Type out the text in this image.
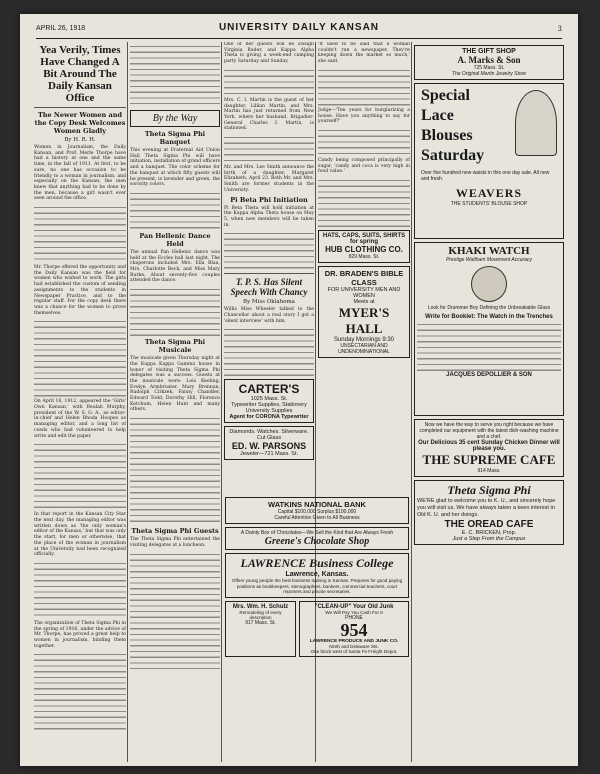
APRIL 26, 1918	UNIVERSITY DAILY KANSAN	3
Yea Verily, Times Have Changed A Bit Around The Daily Kansan Office
The Newer Women and the Copy Desk Welcomes Women Gladly
By H. R. H.

Women in Journalism, the Daily Kansan, and Prof. Merle Thorpe have had a history at one and the same time, in the fall of 1911. At first, to be sure, no one has occasion to be friendly to a woman in journalism, and especially on the Kansan; the men knew that anything had to be done by the men, because a girl wasn't ever seen around the office.

Mr. Thorpe offered the opportunity and the Daily Kansan was the field for women who wished to work. The girls had established the custom of sending assignments to the students in Newspaper Practice, and to the regular staff. For the copy desk there was a chance for the women to prove themselves.

On April 16, 1912, appeared the 'Girls' Own Kansan,' with Beulah Murphy, president of the W. S. G. A., as editor-in-chief and Helen Rhoda Hoopes as managing editor, and a long list of coeds who had volunteered to help write and edit the paper.

In that report in the Kansan City Star the next day, the managing editor was written down as 'the only woman's editor of the Kansas,' but that was only the start, for men or otherwise, that the place of the woman in journalism at the University had been recognized officially.

The organization of Theta Sigma Phi in the spring of 1916, under the advice of Mr. Thorpe, has proved a great help to women in journalism, binding them together.

By the Way
Theta Sigma Phi Banquet

This evening at Fraternal Aid Union Hall Theta Sigma Phi will have initiation, installation of grand officers and a banquet. The color scheme for the banquet at which fifty guests will be present, is lavender and green, the sorority colors.

Pan Hellenic Dance Held

The annual Pan Hellenic dance was held at the Eccles hall last night. The chaperons included Mrs. Ella Blau, Mrs. Charlotte Beck, and Miss Mary Burke. About seventy-five couples attended the dance.

Theta Sigma Phi Musicale

The musicale given Thursday night at the Kappa Kappa Gamma house in honor of visiting Theta Sigma Phi delegates was a success. Guests at the musicale were: Lois Keeling, Evelyn Armbruster, Mary Brennan, Rudolph Cirkzek, Fanny Chandler, Edward Todd, Dorothy Hill, Florence Ketchum, Helen Hunt and many others.

Theta Sigma Phi Guests

The Theta Sigma Phi entertained the visiting delegates at a luncheon.

One of her guests will be Ensign Virginia Rader, and Kappa Alpha Theta is giving a week-end camping party Saturday and Sunday.

Mrs. C. I. Martin is the guest of her daughter, Lillian Martin, and Mrs. Martin has just returned from New York, where her husband, Brigadier-General Charles I. Martin, is stationed.

Mr. and Mrs. Lee Smith announce the birth of a daughter, Margaret Elizabeth, April 23. Both Mr. and Mrs. Smith are former students in the University.

Pi Beta Phi Initiation

Pi Beta Theta will hold initiation at the Kappa Alpha Theta house on May 5, when new members will be taken in.

T. P. S. Has Silent Speech With Chancy
By Miss Oklahoma

Willis Miss Wheeler talked to the Chancellor about a real story I got a 'silent interview' with him.

CARTER'S
1025 Mass. St.
Typewriter Supplies, Stationery
University Supplies
Agent for CORONA Typewriter
Diamonds. Watches. Silverware.
Cut Glass
ED. W. PARSONS
Jeweler—721 Mass. St.

'It used to be said that a woman couldn't run a newspaper. They're keeping down the market so much,' she said.

Judge—'Ten years for burglarizing a house. Have you anything to say for yourself?'

Candy being composed principally of sugar, 'candy and coca is very high in food value.'

HATS, CAPS, SUITS, SHIRTS for spring
HUB CLOTHING CO.
829 Mass. St.
DR. BRADEN'S BIBLE CLASS
FOR UNIVERSITY MEN AND WOMEN
Meets at
MYER'S HALL
Sunday Mornings 9:30
UNSECTARIAN AND UNDENOMINATIONAL
THE GIFT SHOP
A. Marks & Son
725 Mass. St.
The Original Martin Jewelry Store
Special
Lace
Blouses
Saturday
Over five hundred new waists in this one day sale. All new and fresh.
WEAVERS
THE STUDENTS' BLOUSE SHOP
KHAKI WATCH
Prestige Waltham Movement Accuracy
Look for Drummer Boy Defining the Unbreakable Glass
Write for Booklet: The Watch in the Trenches
JACQUES DEPOLLIER & SON
Now we have the way to serve you right because we have completed our equipment with the latest dish-washing machine and a chef.
Our Delicious 35 cent Sunday Chicken Dinner will please you.
THE SUPREME CAFE
914 Mass.
Theta Sigma Phi
WE'RE glad to welcome you to K. U., and sincerely hope you will visit us. We have always taken a keen interest in Old K. U. and her doings.
THE OREAD CAFE
E. C. BRICKEN, Prop.
Just a Step From the Campus
WATKINS NATIONAL BANK
Capital $100,000 Surplus $100,000
Careful Attention Given to All Business
A Dainty Box of Chocolates—We Sell the Kind that Are Always Fresh
Greene's Chocolate Shop
LAWRENCE Business College
Lawrence, Kansas.
Offers young people the best business training in Kansas. Prepares for good paying positions as bookkeepers, stenographers, bankers, commercial teachers, court reporters and private secretaries.
Mrs. Wm. H. Schulz
Remodeling of every description
917 Mass. St.
"CLEAN-UP" Your Old Junk
We Will Pay You Cash For It
PHONE
954
LAWRENCE PRODUCE AND JUNK CO.
Ninth and Delaware Sts.
One block west of Santa Fe Freight Depot.
